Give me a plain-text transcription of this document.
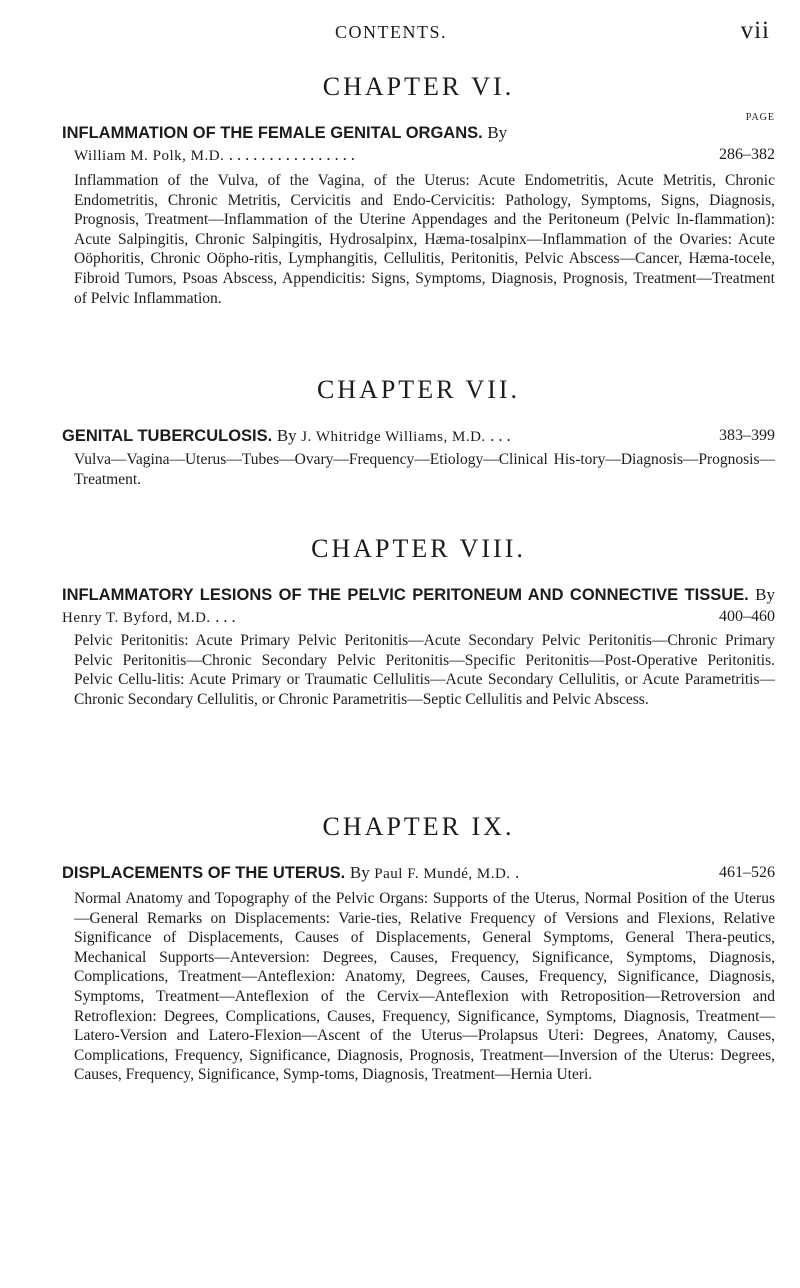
CONTENTS.	vii
CHAPTER VI.
PAGE

INFLAMMATION OF THE FEMALE GENITAL ORGANS. By
William M. Polk, M.D. ................	286–382

Inflammation of the Vulva, of the Vagina, of the Uterus: Acute Endometritis, Acute Metritis, Chronic Endometritis, Chronic Metritis, Cervicitis and Endo-Cervicitis: Pathology, Symptoms, Signs, Diagnosis, Prognosis, Treatment—Inflammation of the Uterine Appendages and the Peritoneum (Pelvic In-flammation): Acute Salpingitis, Chronic Salpingitis, Hydrosalpinx, Hæma-tosalpinx—Inflammation of the Ovaries: Acute Oöphoritis, Chronic Oöpho-ritis, Lymphangitis, Cellulitis, Peritonitis, Pelvic Abscess—Cancer, Hæma-tocele, Fibroid Tumors, Psoas Abscess, Appendicitis: Signs, Symptoms, Diagnosis, Prognosis, Treatment—Treatment of Pelvic Inflammation.

CHAPTER VII.

GENITAL TUBERCULOSIS. By J. Whitridge Williams, M.D. ...	383–399

Vulva—Vagina—Uterus—Tubes—Ovary—Frequency—Etiology—Clinical His-tory—Diagnosis—Prognosis—Treatment.

CHAPTER VIII.

INFLAMMATORY LESIONS OF THE PELVIC PERITONEUM AND CONNECTIVE TISSUE. By Henry T. Byford, M.D. ...	400–460

Pelvic Peritonitis: Acute Primary Pelvic Peritonitis—Acute Secondary Pelvic Peritonitis—Chronic Primary Pelvic Peritonitis—Chronic Secondary Pelvic Peritonitis—Specific Peritonitis—Post-Operative Peritonitis. Pelvic Cellu-litis: Acute Primary or Traumatic Cellulitis—Acute Secondary Cellulitis, or Acute Parametritis—Chronic Secondary Cellulitis, or Chronic Parametritis—Septic Cellulitis and Pelvic Abscess.

CHAPTER IX.

DISPLACEMENTS OF THE UTERUS. By Paul F. Mundé, M.D. .	461–526

Normal Anatomy and Topography of the Pelvic Organs: Supports of the Uterus, Normal Position of the Uterus—General Remarks on Displacements: Varie-ties, Relative Frequency of Versions and Flexions, Relative Significance of Displacements, Causes of Displacements, General Symptoms, General Thera-peutics, Mechanical Supports—Anteversion: Degrees, Causes, Frequency, Significance, Symptoms, Diagnosis, Complications, Treatment—Anteflexion: Anatomy, Degrees, Causes, Frequency, Significance, Diagnosis, Symptoms, Treatment—Anteflexion of the Cervix—Anteflexion with Retroposition—Retroversion and Retroflexion: Degrees, Complications, Causes, Frequency, Significance, Symptoms, Diagnosis, Treatment—Latero-Version and Latero-Flexion—Ascent of the Uterus—Prolapsus Uteri: Degrees, Anatomy, Causes, Complications, Frequency, Significance, Diagnosis, Prognosis, Treatment—Inversion of the Uterus: Degrees, Causes, Frequency, Significance, Symp-toms, Diagnosis, Treatment—Hernia Uteri.
